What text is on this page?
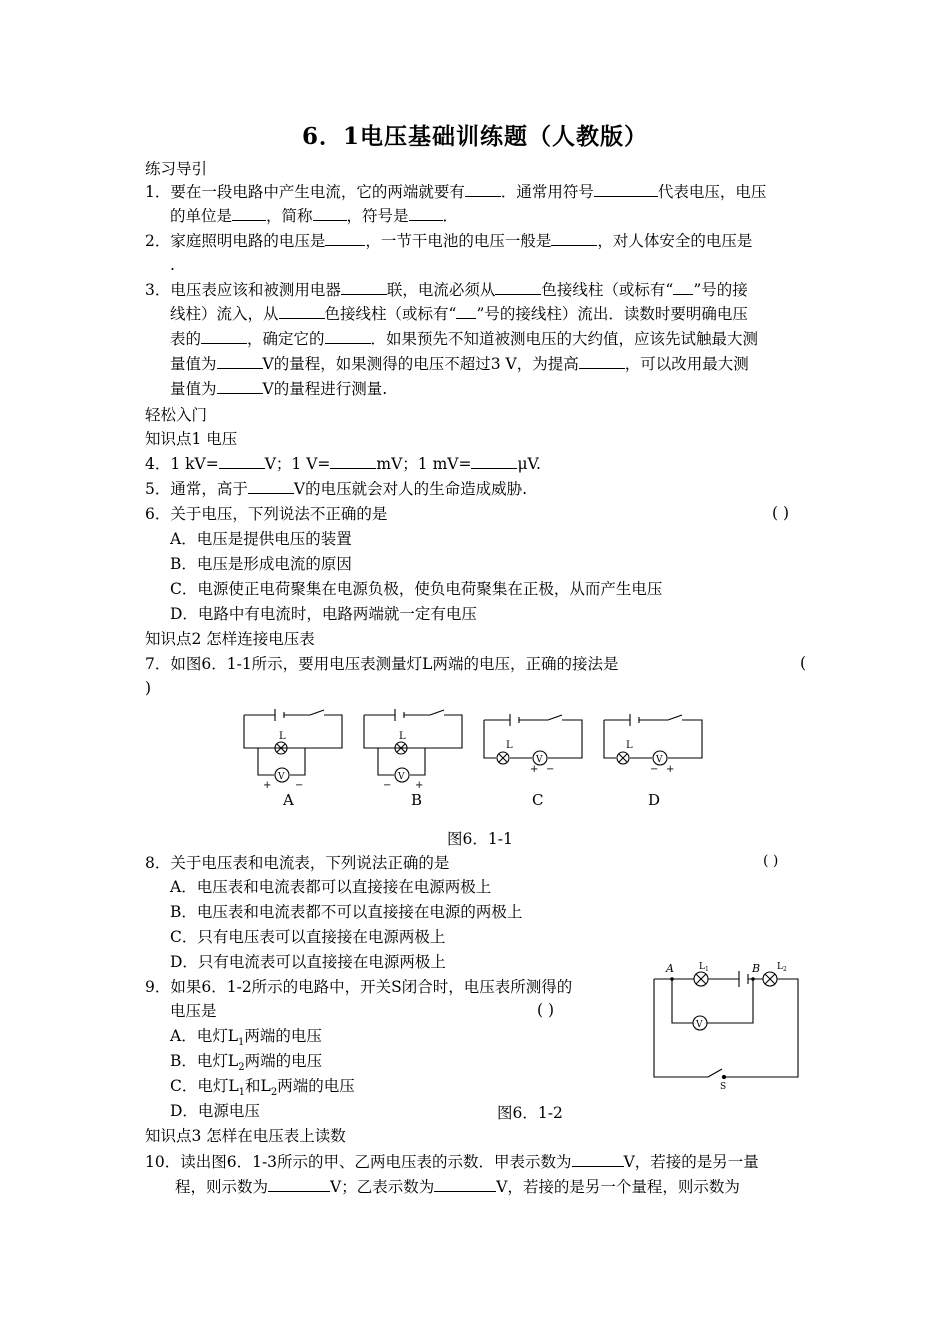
6．1电压基础训练题（人教版）
练习导引
1．要在一段电路中产生电流，它的两端就要有 ．通常用符号	代表电压，电压
的单位是 ，简称 ，符号是 ．
2．家庭照明电路的电压是	，一节干电池的电压一般是	，对人体安全的电压是
.
3．电压表应该和被测用电器	联，电流必须从	色接线柱（或标有“ ”号的接
线柱）流入，从	色接线柱（或标有“ ”号的接线柱）流出．读数时要明确电压
表的	，确定它的	．如果预先不知道被测电压的大约值，应该先试触最大测
量值为	V的量程，如果测得的电压不超过3 V，为提高	，可以改用最大测
量值为	V的量程进行测量.
轻松入门
知识点1 电压
4．1 kV=	V；1 V=	mV；1 mV=	μV.
5．通常，高于	V的电压就会对人的生命造成威胁.
6．关于电压，下列说法不正确的是	( )
A．电压是提供电压的装置
B．电压是形成电流的原因
C．电源使正电荷聚集在电源负极，使负电荷聚集在正极，从而产生电压
D．电路中有电流时，电路两端就一定有电压
知识点2 怎样连接电压表
7．如图6．1-1所示，要用电压表测量灯L两端的电压，正确的接法是	(
)
L
V
+ −
L
V
− +
L
V
+ −
L
V
− +
A	B	C	D
图6．1-1
8．关于电压表和电流表，下列说法正确的是	( )
A．电压表和电流表都可以直接接在电源两极上
B．电压表和电流表都不可以直接接在电源的两极上
C．只有电压表可以直接接在电源两极上
D．只有电流表可以直接接在电源两极上
9．如果6．1-2所示的电路中，开关S闭合时，电压表所测得的
电压是	( )
A．电灯$L_1$两端的电压
B．电灯$L_2$两端的电压
C．电灯$L_1$和$L_2$两端的电压
D．电源电压	图6．1-2
A	B
$L_1$	$L_2$
V
S
知识点3 怎样在电压表上读数
10．读出图6．1-3所示的甲、乙两电压表的示数．甲表示数为	V，若接的是另一量
程，则示数为	V；乙表示数为	V，若接的是另一个量程，则示数为
